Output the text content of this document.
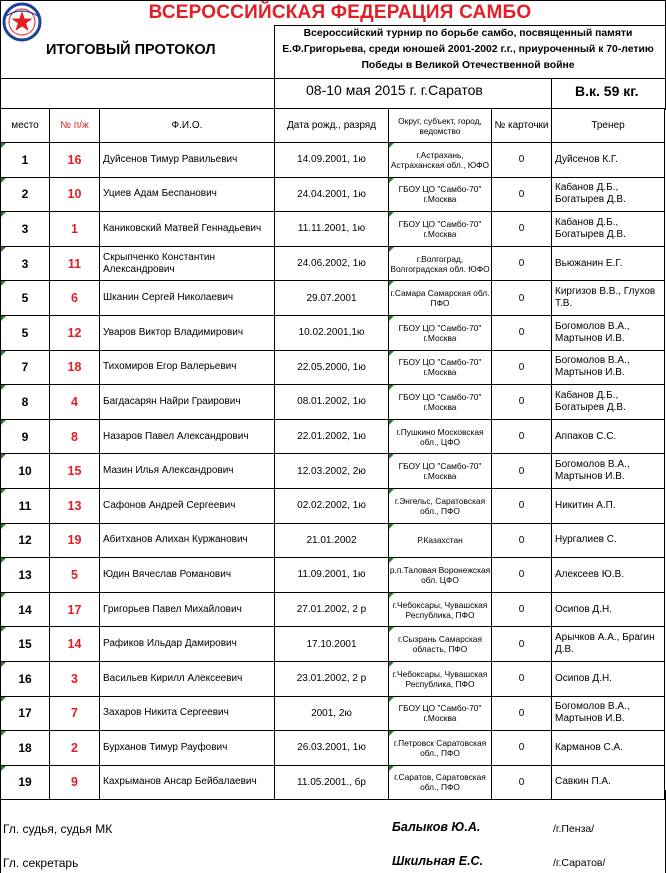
ВСЕРОССИЙСКАЯ ФЕДЕРАЦИЯ САМБО
ИТОГОВЫЙ ПРОТОКОЛ
Всероссийский турнир по борьбе самбо, посвященный памяти
Е.Ф.Григорьева, среди юношей 2001-2002 г.г., приуроченный к 70-летию
Победы в Великой Отечественной войне
08-10 мая 2015 г. г.Саратов	В.к. 59 кг.
место	№ п/ж	Ф.И.О.	Дата рожд., разряд	Округ, субъект, город, ведомство	№ карточки	Тренер
1	16	Дуйсенов Тимур Равильевич	14.09.2001, 1ю	г.Астрахань, Астраханская обл., ЮФО	0	Дуйсенов К.Г.
2	10	Уциев Адам Беспанович	24.04.2001, 1ю	ГБОУ ЦО "Самбо-70" г.Москва	0	Кабанов Д.Б., Богатырев Д.В.
3	1	Каниковский Матвей Геннадьевич	11.11.2001, 1ю	ГБОУ ЦО "Самбо-70" г.Москва	0	Кабанов Д.Б., Богатырев Д.В.
3	11	Скрыпченко Константин Александрович	24.06.2002, 1ю	г.Волгоград, Волгоградская обл. ЮФО	0	Вьюжанин Е.Г.
5	6	Шканин Сергей Николаевич	29.07.2001	г.Самара Самарская обл. ПФО	0	Киргизов В.В., Глухов Т.В.
5	12	Уваров Виктор Владимирович	10.02.2001,1ю	ГБОУ ЦО "Самбо-70" г.Москва	0	Богомолов В.А., Мартынов И.В.
7	18	Тихомиров Егор Валерьевич	22.05.2000, 1ю	ГБОУ ЦО "Самбо-70" г.Москва	0	Богомолов В.А., Мартынов И.В.
8	4	Багдасарян Найри Граирович	08.01.2002, 1ю	ГБОУ ЦО "Самбо-70" г.Москва	0	Кабанов Д.Б., Богатырев Д.В.
9	8	Назаров Павел Александрович	22.01.2002, 1ю	г.Пушкино Московская обл., ЦФО	0	Аппаков С.С.
10	15	Мазин Илья Александрович	12.03.2002, 2ю	ГБОУ ЦО "Самбо-70" г.Москва	0	Богомолов В.А., Мартынов И.В.
11	13	Сафонов Андрей Сергеевич	02.02.2002, 1ю	г.Энгельс, Саратовская обл., ПФО	0	Никитин А.П.
12	19	Абитханов Алихан Куржанович	21.01.2002	Р.Казахстан	0	Нургалиев С.
13	5	Юдин Вячеслав Романович	11.09.2001, 1ю	р.п.Таловая Воронежская обл. ЦФО	0	Алексеев Ю.В.
14	17	Григорьев Павел Михайлович	27.01.2002, 2 р	г.Чебоксары, Чувашская Республика, ПФО	0	Осипов Д.Н.
15	14	Рафиков Ильдар Дамирович	17.10.2001	г.Сызрань Самарская область, ПФО	0	Арычков А.А., Брагин Д.В.
16	3	Васильев Кирилл Алексеевич	23.01.2002, 2 р	г.Чебоксары, Чувашская Республика, ПФО	0	Осипов Д.Н.
17	7	Захаров Никита Сергеевич	2001, 2ю	ГБОУ ЦО "Самбо-70" г.Москва	0	Богомолов В.А., Мартынов И.В.
18	2	Бурханов Тимур Рауфович	26.03.2001, 1ю	г.Петровск Саратовская обл., ПФО	0	Карманов С.А.
19	9	Кахрыманов Ансар Бейбалаевич	11.05.2001., бр	г.Саратов, Саратовская обл., ПФО	0	Савкин П.А.
Гл. судья, судья МК	Балыков Ю.А.	/г.Пенза/
Гл. секретарь	Шкильная Е.С.	/г.Саратов/
